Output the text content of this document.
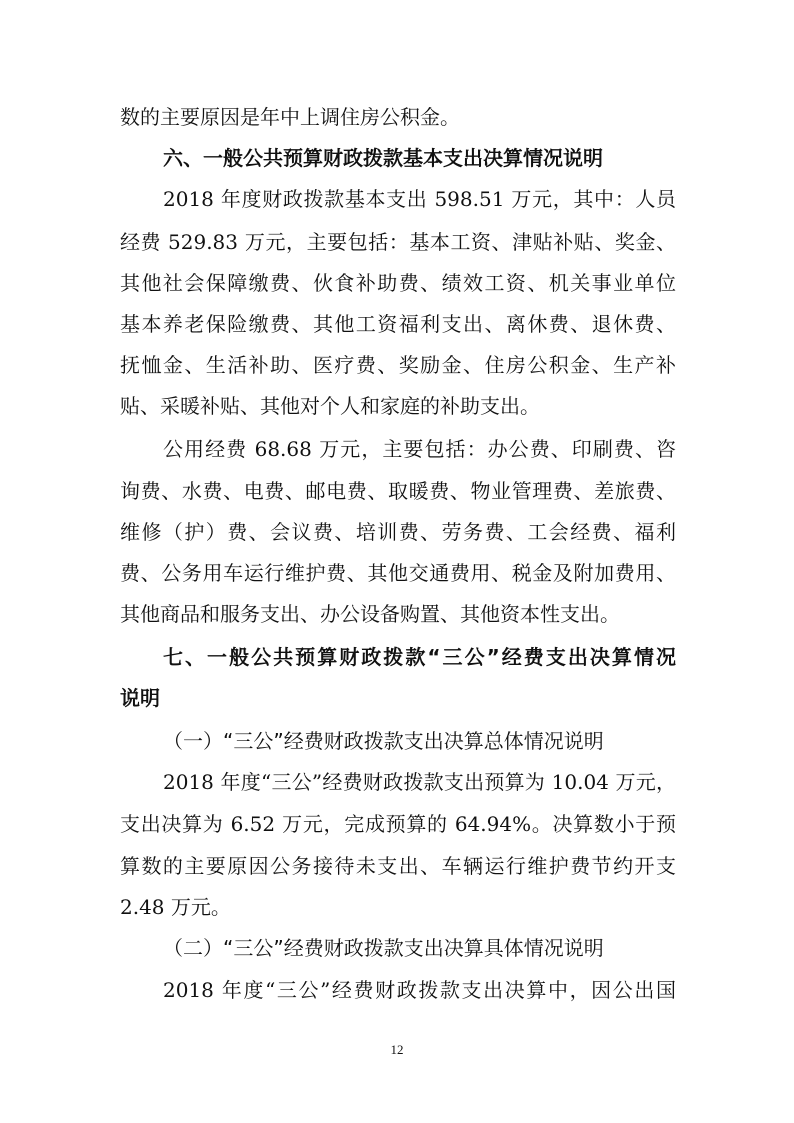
数的主要原因是年中上调住房公积金。
六、一般公共预算财政拨款基本支出决算情况说明
2018 年度财政拨款基本支出 598.51 万元，其中：人员
经费 529.83 万元，主要包括：基本工资、津贴补贴、奖金、
其他社会保障缴费、伙食补助费、绩效工资、机关事业单位
基本养老保险缴费、其他工资福利支出、离休费、退休费、
抚恤金、生活补助、医疗费、奖励金、住房公积金、生产补
贴、采暖补贴、其他对个人和家庭的补助支出。
公用经费 68.68 万元，主要包括：办公费、印刷费、咨
询费、水费、电费、邮电费、取暖费、物业管理费、差旅费、
维修（护）费、会议费、培训费、劳务费、工会经费、福利
费、公务用车运行维护费、其他交通费用、税金及附加费用、
其他商品和服务支出、办公设备购置、其他资本性支出。
七、一般公共预算财政拨款“三公”经费支出决算情况
说明
（一）“三公”经费财政拨款支出决算总体情况说明
2018 年度“三公”经费财政拨款支出预算为 10.04 万元，
支出决算为 6.52 万元，完成预算的 64.94%。决算数小于预
算数的主要原因公务接待未支出、车辆运行维护费节约开支
2.48 万元。
（二）“三公”经费财政拨款支出决算具体情况说明
2018 年度“三公”经费财政拨款支出决算中，因公出国
12
